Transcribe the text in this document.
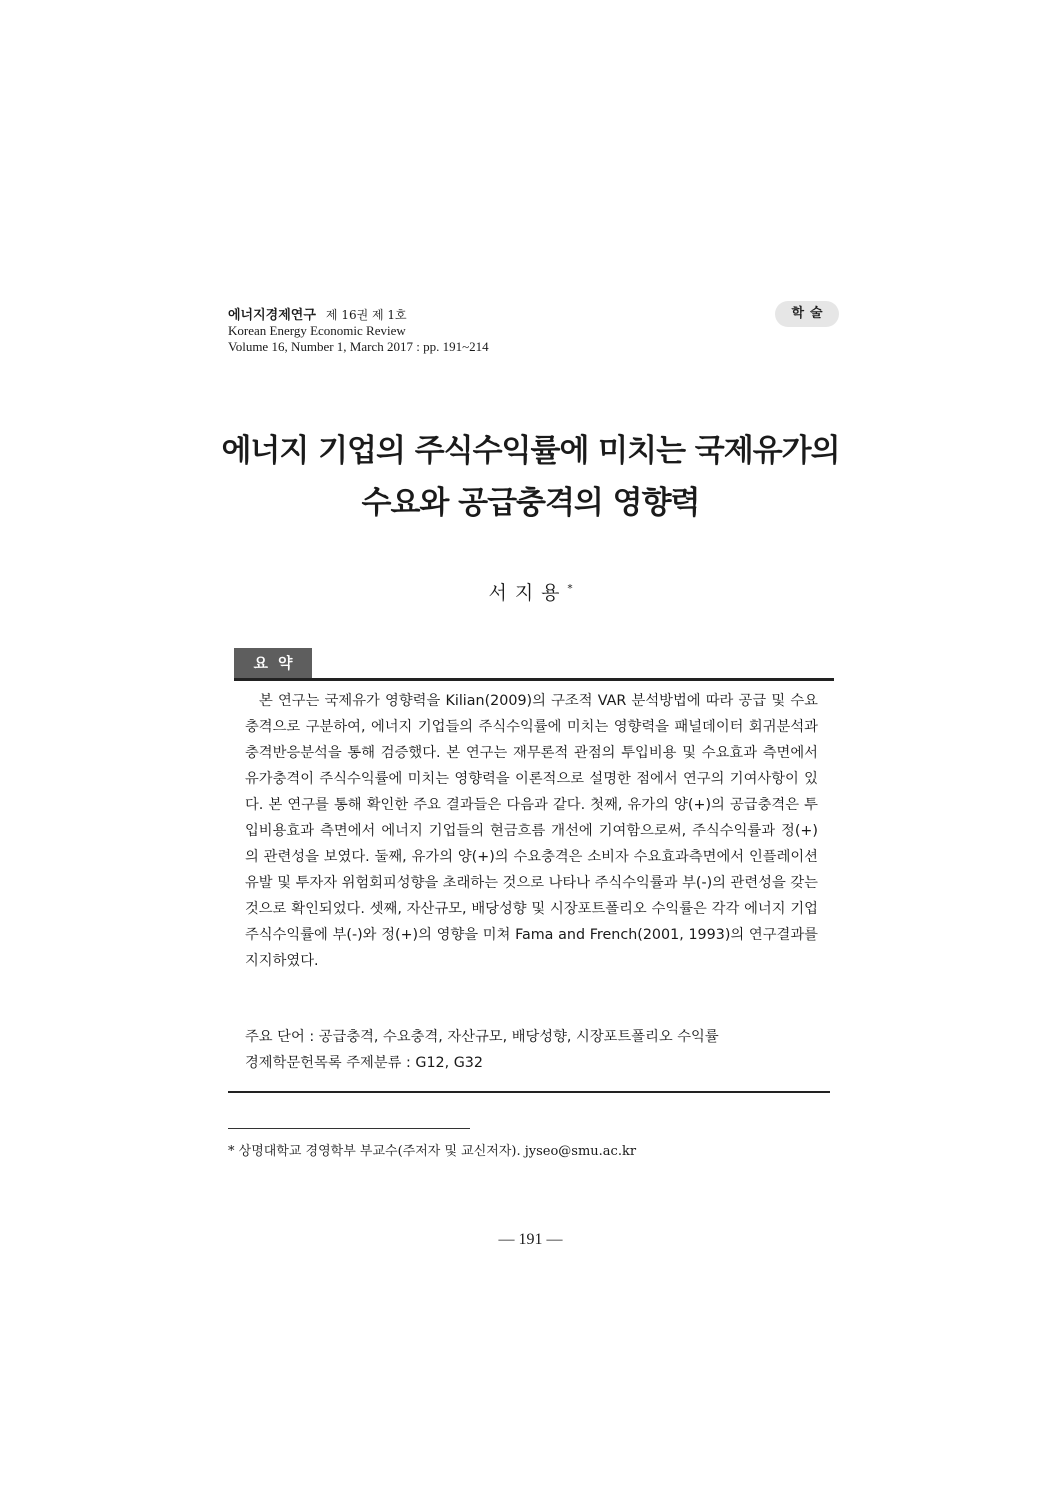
에너지경제연구 제 16권 제 1호
Korean Energy Economic Review
Volume 16, Number 1, March 2017 : pp. 191~214
학술
에너지 기업의 주식수익률에 미치는 국제유가의
수요와 공급충격의 영향력
서지용*
요약
본 연구는 국제유가 영향력을 Kilian(2009)의 구조적 VAR 분석방법에 따라 공급 및 수요충격으로 구분하여, 에너지 기업들의 주식수익률에 미치는 영향력을 패널데이터 회귀분석과 충격반응분석을 통해 검증했다. 본 연구는 재무론적 관점의 투입비용 및 수요효과 측면에서 유가충격이 주식수익률에 미치는 영향력을 이론적으로 설명한 점에서 연구의 기여사항이 있다. 본 연구를 통해 확인한 주요 결과들은 다음과 같다. 첫째, 유가의 양(+)의 공급충격은 투입비용효과 측면에서 에너지 기업들의 현금흐름 개선에 기여함으로써, 주식수익률과 정(+)의 관련성을 보였다. 둘째, 유가의 양(+)의 수요충격은 소비자 수요효과측면에서 인플레이션 유발 및 투자자 위험회피성향을 초래하는 것으로 나타나 주식수익률과 부(-)의 관련성을 갖는 것으로 확인되었다. 셋째, 자산규모, 배당성향 및 시장포트폴리오 수익률은 각각 에너지 기업 주식수익률에 부(-)와 정(+)의 영향을 미쳐 Fama and French(2001, 1993)의 연구결과를 지지하였다.
주요 단어 : 공급충격, 수요충격, 자산규모, 배당성향, 시장포트폴리오 수익률
경제학문헌목록 주제분류 : G12, G32
* 상명대학교 경영학부 부교수(주저자 및 교신저자). jyseo@smu.ac.kr
— 191 —
